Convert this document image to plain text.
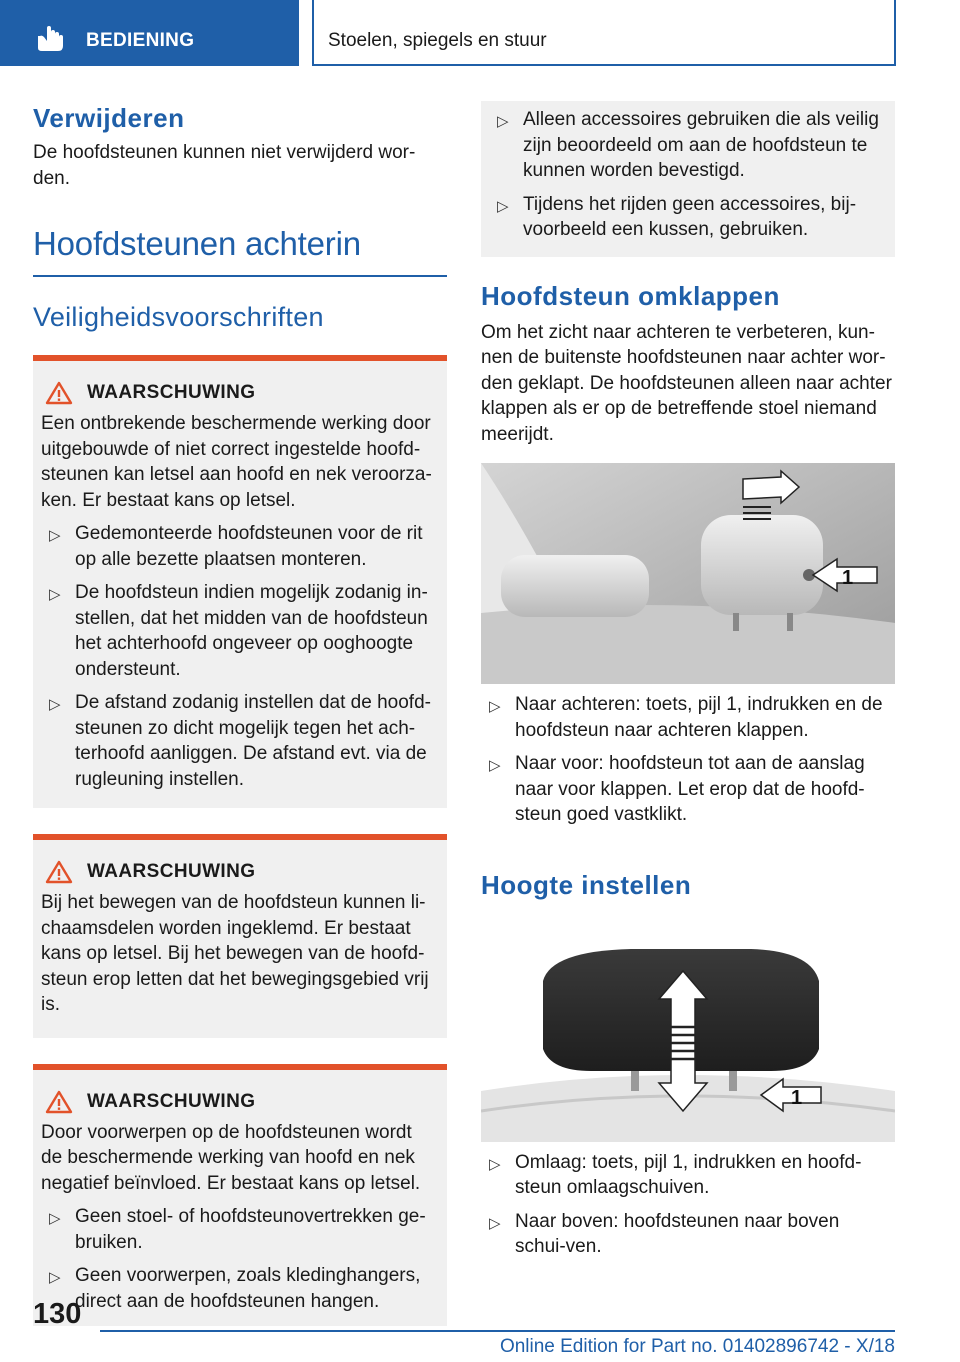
BEDIENING	Stoelen, spiegels en stuur
Verwijderen

De hoofdsteunen kunnen niet verwijderd wor-den.

Hoofdsteunen achterin
Veiligheidsvoorschriften
WAARSCHUWING

Een ontbrekende beschermende werking door uitgebouwde of niet correct ingestelde hoofd-steunen kan letsel aan hoofd en nek veroorza-ken. Er bestaat kans op letsel.

▷ Gedemonteerde hoofdsteunen voor de rit op alle bezette plaatsen monteren.
▷ De hoofdsteun indien mogelijk zodanig in-stellen, dat het midden van de hoofdsteun het achterhoofd ongeveer op ooghoogte ondersteunt.
▷ De afstand zodanig instellen dat de hoofd-steunen zo dicht mogelijk tegen het ach-terhoofd aanliggen. De afstand evt. via de rugleuning instellen.
WAARSCHUWING

Bij het bewegen van de hoofdsteun kunnen li-chaamsdelen worden ingeklemd. Er bestaat kans op letsel. Bij het bewegen van de hoofd-steun erop letten dat het bewegingsgebied vrij is.

WAARSCHUWING

Door voorwerpen op de hoofdsteunen wordt de beschermende werking van hoofd en nek negatief beïnvloed. Er bestaat kans op letsel.

▷ Geen stoel- of hoofdsteunovertrekken ge-bruiken.
▷ Geen voorwerpen, zoals kledinghangers, direct aan de hoofdsteunen hangen.
▷ Alleen accessoires gebruiken die als veilig zijn beoordeeld om aan de hoofdsteun te kunnen worden bevestigd.
▷ Tijdens het rijden geen accessoires, bij-voorbeeld een kussen, gebruiken.
Hoofdsteun omklappen

Om het zicht naar achteren te verbeteren, kun-nen de buitenste hoofdsteunen naar achter wor-den geklapt. De hoofdsteunen alleen naar achter klappen als er op de betreffende stoel niemand meerijdt.

1
▷ Naar achteren: toets, pijl 1, indrukken en de hoofdsteun naar achteren klappen.
▷ Naar voor: hoofdsteun tot aan de aanslag naar voor klappen. Let erop dat de hoofd-steun goed vastklikt.
Hoogte instellen
1
▷ Omlaag: toets, pijl 1, indrukken en hoofd-steun omlaagschuiven.
▷ Naar boven: hoofdsteunen naar boven schui-ven.
130
Online Edition for Part no. 01402896742 - X/18
